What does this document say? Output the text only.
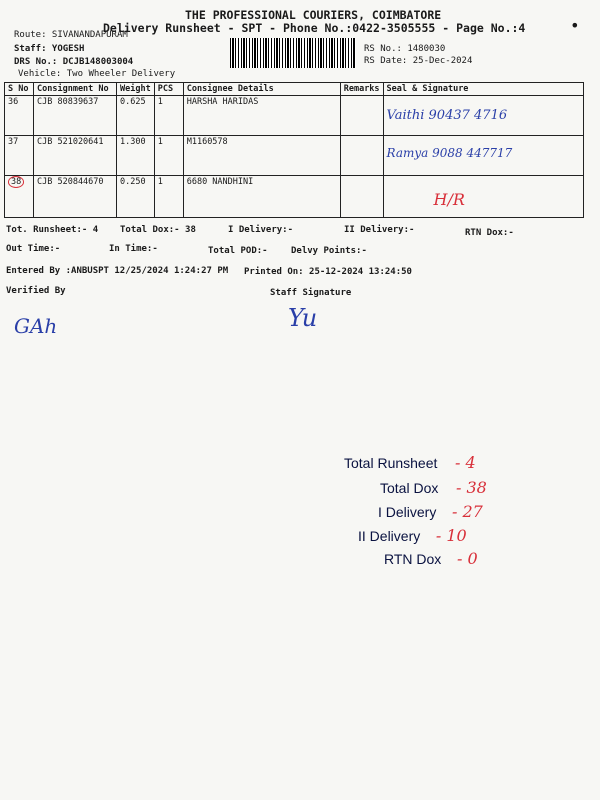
THE PROFESSIONAL COURIERS, COIMBATORE
Delivery Runsheet - SPT - Phone No.:0422-3505555 - Page No.:4
Route: SIVANANDAPURAM
Staff: YOGESH
DRS No.: DCJB148003004
Vehicle: Two Wheeler Delivery
RS No.: 1480030
RS Date: 25-Dec-2024
•
S No	Consignment No	Weight	PCS	Consignee Details	Remarks	Seal & Signature
36	CJB 80839637	0.625	1	HARSHA HARIDAS		Vaithi 90437 4716
37	CJB 521020641	1.300	1	M1160578		Ramya 9088 447717
38	CJB 520844670	0.250	1	6680 NANDHINI		H/R
Tot. Runsheet:- 4 Total Dox:- 38	I Delivery:-	II Delivery:-	RTN Dox:-
Out Time:-	In Time:-	Total POD:-	Delvy Points:-
Entered By :ANBUSPT 12/25/2024 1:24:27 PM Printed On: 25-12-2024 13:24:50
Verified By	Staff Signature
GAh	Yu
Total Runsheet - 4
Total Dox - 38
I Delivery - 27
II Delivery - 10
RTN Dox - 0
